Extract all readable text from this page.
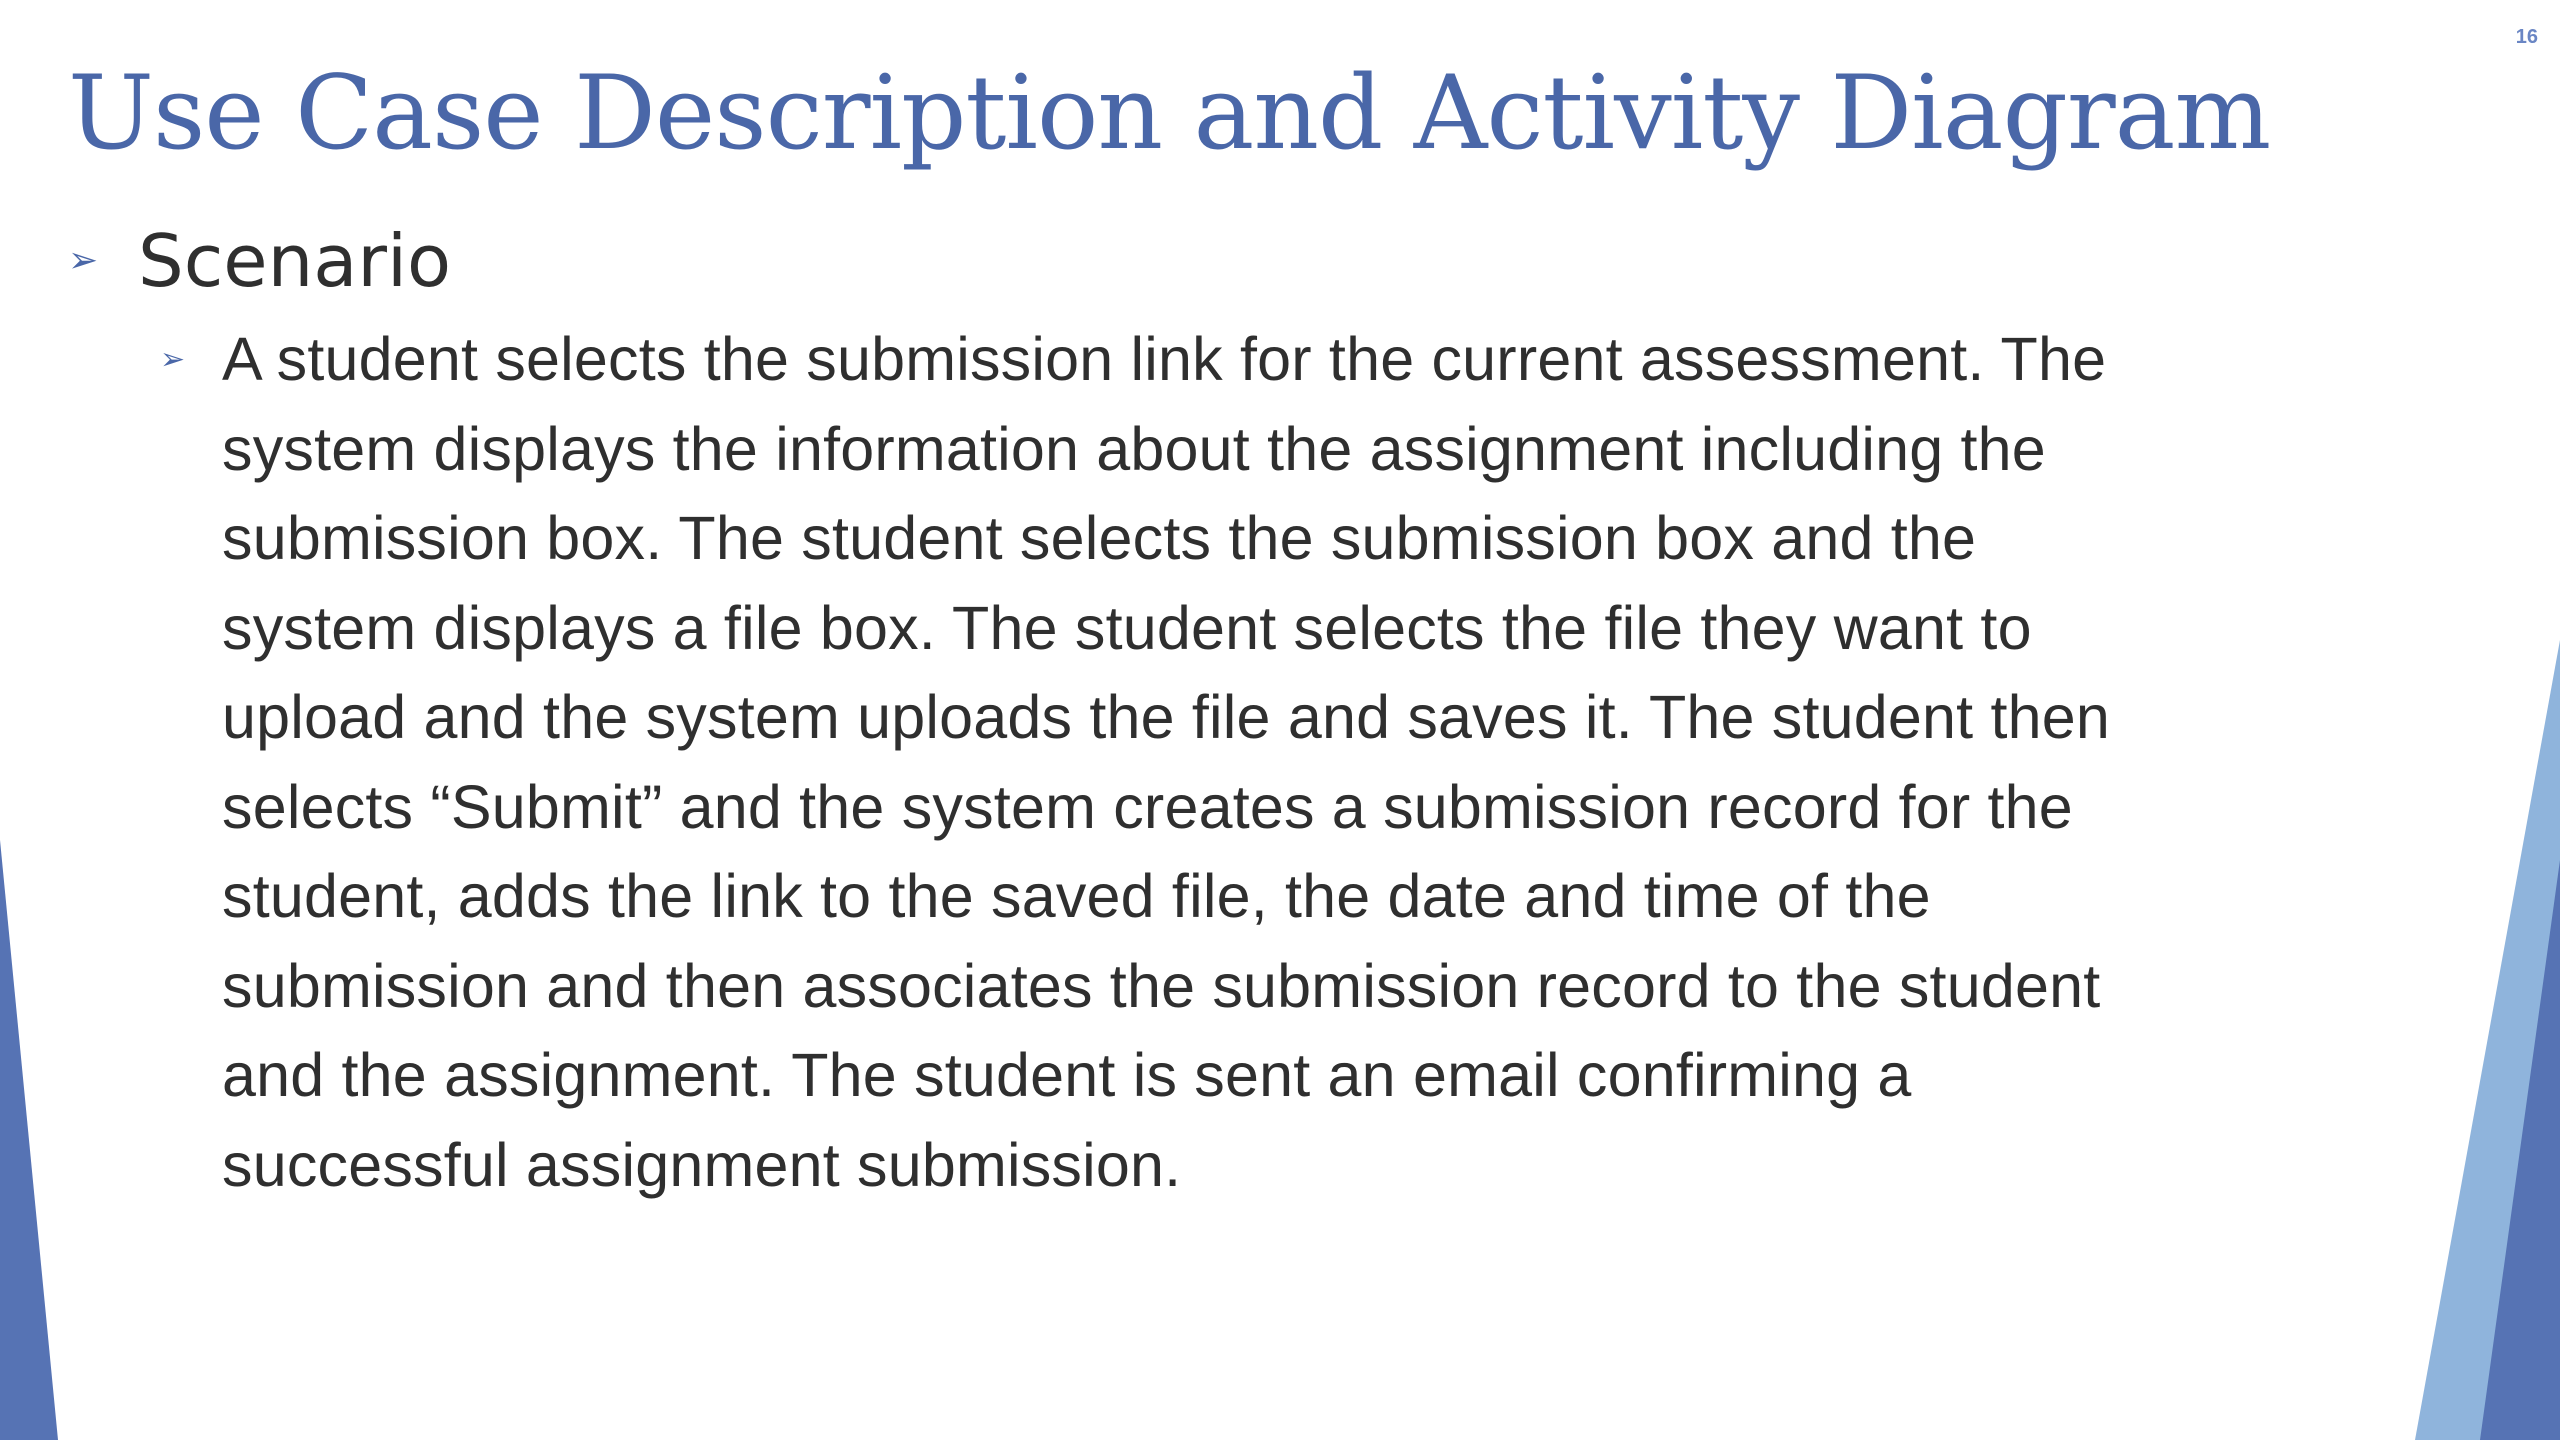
16
Use Case Description and Activity Diagram
➢ Scenario
➢ A student selects the submission link for the current assessment. The
system displays the information about the assignment including the
submission box. The student selects the submission box and the
system displays a file box. The student selects the file they want to
upload and the system uploads the file and saves it. The student then
selects “Submit” and the system creates a submission record for the
student, adds the link to the saved file, the date and time of the
submission and then associates the submission record to the student
and the assignment. The student is sent an email confirming a
successful assignment submission.
